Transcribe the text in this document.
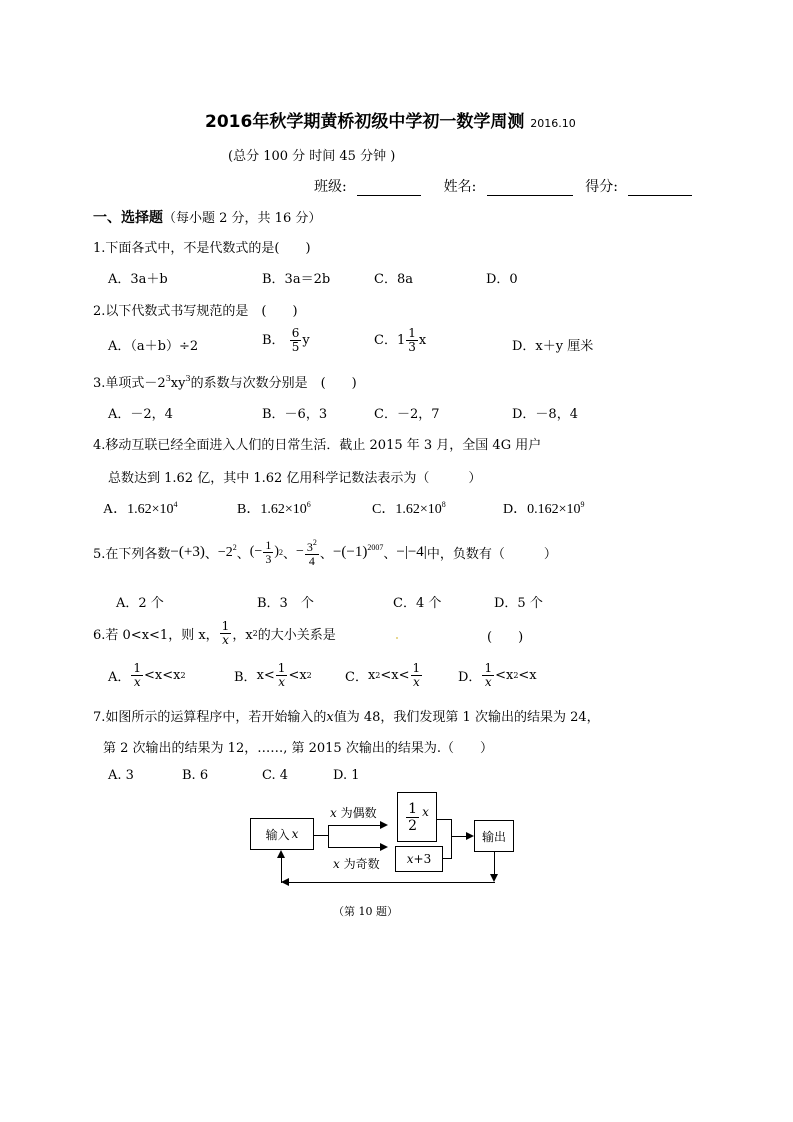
2016年秋学期黄桥初级中学初一数学周测 2016.10
(总分 100 分 时间 45 分钟 )
班级:	姓名:	得分:
一、选择题（每小题 2 分，共 16 分）
1.下面各式中，不是代数式的是(　　)
A．3a＋b	B．3a＝2b	C．8a	D．0
2.以下代数式书写规范的是　(　　)
A．（a＋b）÷2	B． $\frac{6}{5}$ y	C．$1 \frac{1}{3}$ x	D．x＋y 厘米
3.单项式$-2^3xy^3$的系数与次数分别是　(　　)
A．－2，4	B．－6，3	C．－2，7	D．－8，4
4.移动互联已经全面进入人们的日常生活．截止 2015 年 3 月，全国 4G 用户
总数达到 1.62 亿，其中 1.62 亿用科学记数法表示为（　　　）
A．$1.62\times 10^4$	B．$1.62\times 10^6$	C．$1.62\times 10^8$	D．$0.162\times 10^9$
5.在下列各数 −(+3) 、 $-2^2$ 、 (− $\frac{1}{3}$ ) 2 、 − $\frac{3^2}{4}$ 、 $-(-1)^{2007}$ 、 −|−4| 中，负数有（　　　）
A．2 个	B．3　个	C．4 个	D．5 个
6.若 0<x<1，则 x， $\frac{1}{x}$ ，x 2 的大小关系是	(　　)
A． $\frac{1}{x} <x<x$ 2	B． $x< \frac{1}{x} <x$ 2	C． x $2 <x< \frac{1}{x}$	D． $\frac{1}{x} <x$ 2 <x
7.如图所示的运算程序中，若开始输入的x值为 48，我们发现第 1 次输出的结果为 24，
第 2 次输出的结果为 12，……, 第 2015 次输出的结果为.（　　）
A. 3	B. 6	C. 4	D. 1
输入 x
x 为偶数
x 为奇数
$\frac{1}{2}$ x
x +3
输出
（第 10 题）
